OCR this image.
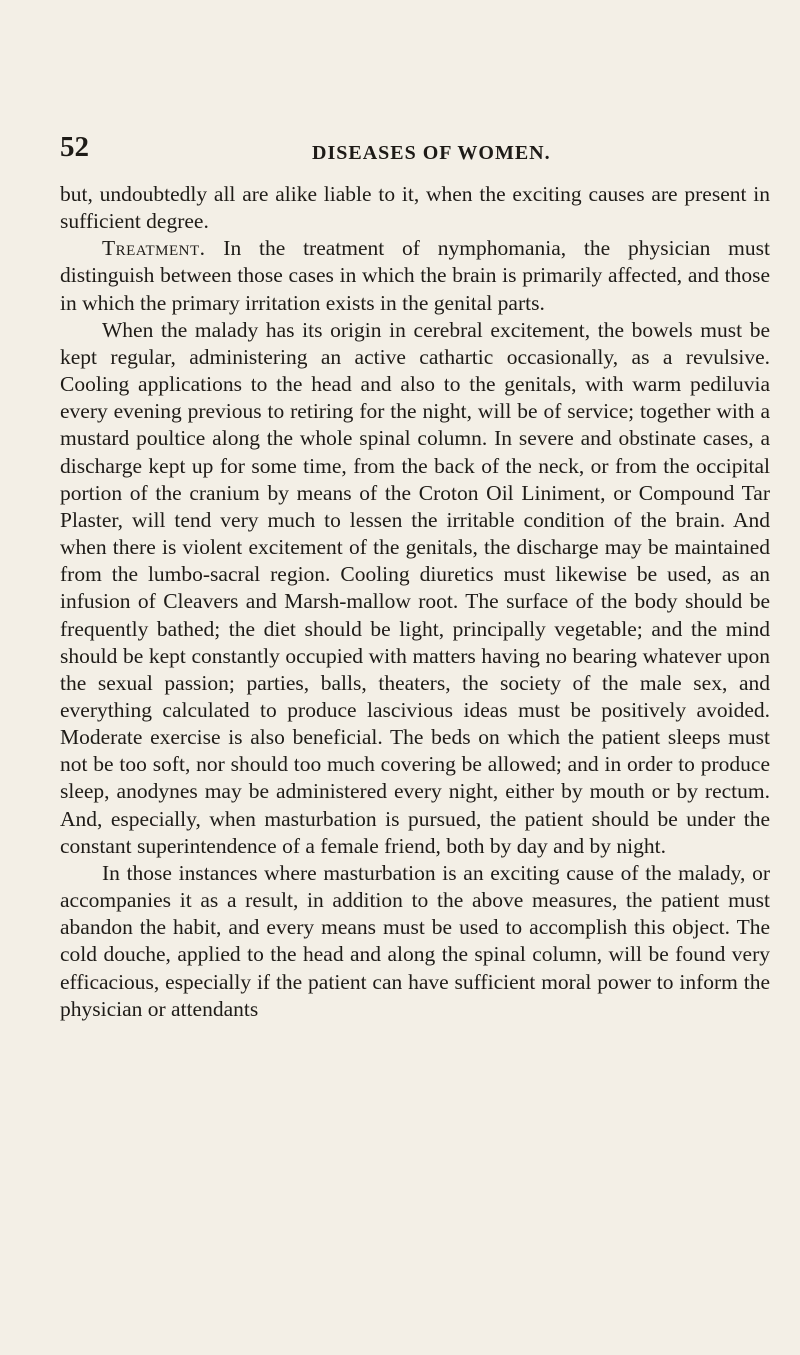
52	DISEASES OF WOMEN.

but, undoubtedly all are alike liable to it, when the exciting causes are present in sufficient degree.

Treatment. In the treatment of nymphomania, the physician must distinguish between those cases in which the brain is primarily affected, and those in which the primary irritation exists in the genital parts.

When the malady has its origin in cerebral excitement, the bowels must be kept regular, administering an active cathartic occasionally, as a revulsive. Cooling applications to the head and also to the genitals, with warm pediluvia every evening previous to retiring for the night, will be of service; together with a mustard poultice along the whole spinal column. In severe and obstinate cases, a discharge kept up for some time, from the back of the neck, or from the occipital portion of the cranium by means of the Croton Oil Liniment, or Compound Tar Plaster, will tend very much to lessen the irritable condition of the brain. And when there is violent excitement of the genitals, the discharge may be maintained from the lumbo-sacral region. Cooling diuretics must likewise be used, as an infusion of Cleavers and Marsh-mallow root. The surface of the body should be frequently bathed; the diet should be light, principally vegetable; and the mind should be kept constantly occupied with matters having no bearing whatever upon the sexual passion; parties, balls, theaters, the society of the male sex, and everything calculated to produce lascivious ideas must be positively avoided. Moderate exercise is also beneficial. The beds on which the patient sleeps must not be too soft, nor should too much covering be allowed; and in order to produce sleep, anodynes may be administered every night, either by mouth or by rectum. And, especially, when masturbation is pursued, the patient should be under the constant superintendence of a female friend, both by day and by night.

In those instances where masturbation is an exciting cause of the malady, or accompanies it as a result, in addition to the above measures, the patient must abandon the habit, and every means must be used to accomplish this object. The cold douche, applied to the head and along the spinal column, will be found very efficacious, especially if the patient can have sufficient moral power to inform the physician or attendants
